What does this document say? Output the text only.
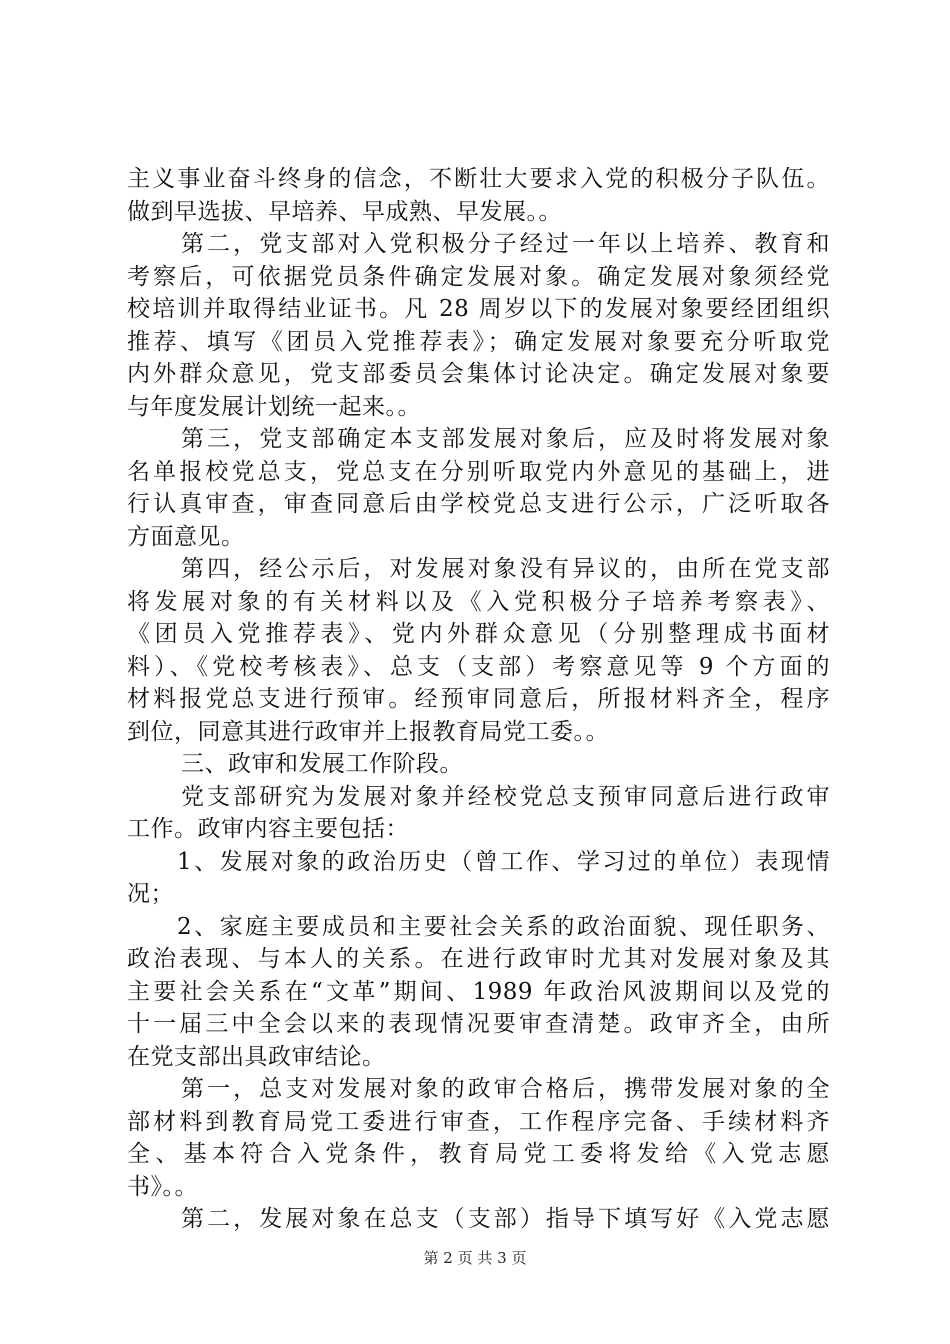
主义事业奋斗终身的信念，不断壮大要求入党的积极分子队伍。
做到早选拔、早培养、早成熟、早发展。。
第二，党支部对入党积极分子经过一年以上培养、教育和
考察后，可依据党员条件确定发展对象。确定发展对象须经党
校培训并取得结业证书。凡 28 周岁以下的发展对象要经团组织
推荐、填写《团员入党推荐表》；确定发展对象要充分听取党
内外群众意见，党支部委员会集体讨论决定。确定发展对象要
与年度发展计划统一起来。。
第三，党支部确定本支部发展对象后，应及时将发展对象
名单报校党总支，党总支在分别听取党内外意见的基础上，进
行认真审查，审查同意后由学校党总支进行公示，广泛听取各
方面意见。
第四，经公示后，对发展对象没有异议的，由所在党支部
将发展对象的有关材料以及《入党积极分子培养考察表》、
《团员入党推荐表》、党内外群众意见（分别整理成书面材
料）、《党校考核表》、总支（支部）考察意见等 9 个方面的
材料报党总支进行预审。经预审同意后，所报材料齐全，程序
到位，同意其进行政审并上报教育局党工委。。
三、政审和发展工作阶段。
党支部研究为发展对象并经校党总支预审同意后进行政审
工作。政审内容主要包括：
1、发展对象的政治历史（曾工作、学习过的单位）表现情
况；
2、家庭主要成员和主要社会关系的政治面貌、现任职务、
政治表现、与本人的关系。在进行政审时尤其对发展对象及其
主要社会关系在“文革”期间、1989 年政治风波期间以及党的
十一届三中全会以来的表现情况要审查清楚。政审齐全，由所
在党支部出具政审结论。
第一，总支对发展对象的政审合格后，携带发展对象的全
部材料到教育局党工委进行审查，工作程序完备、手续材料齐
全、基本符合入党条件，教育局党工委将发给《入党志愿
书》。。
第二，发展对象在总支（支部）指导下填写好《入党志愿
第 2 页 共 3 页
